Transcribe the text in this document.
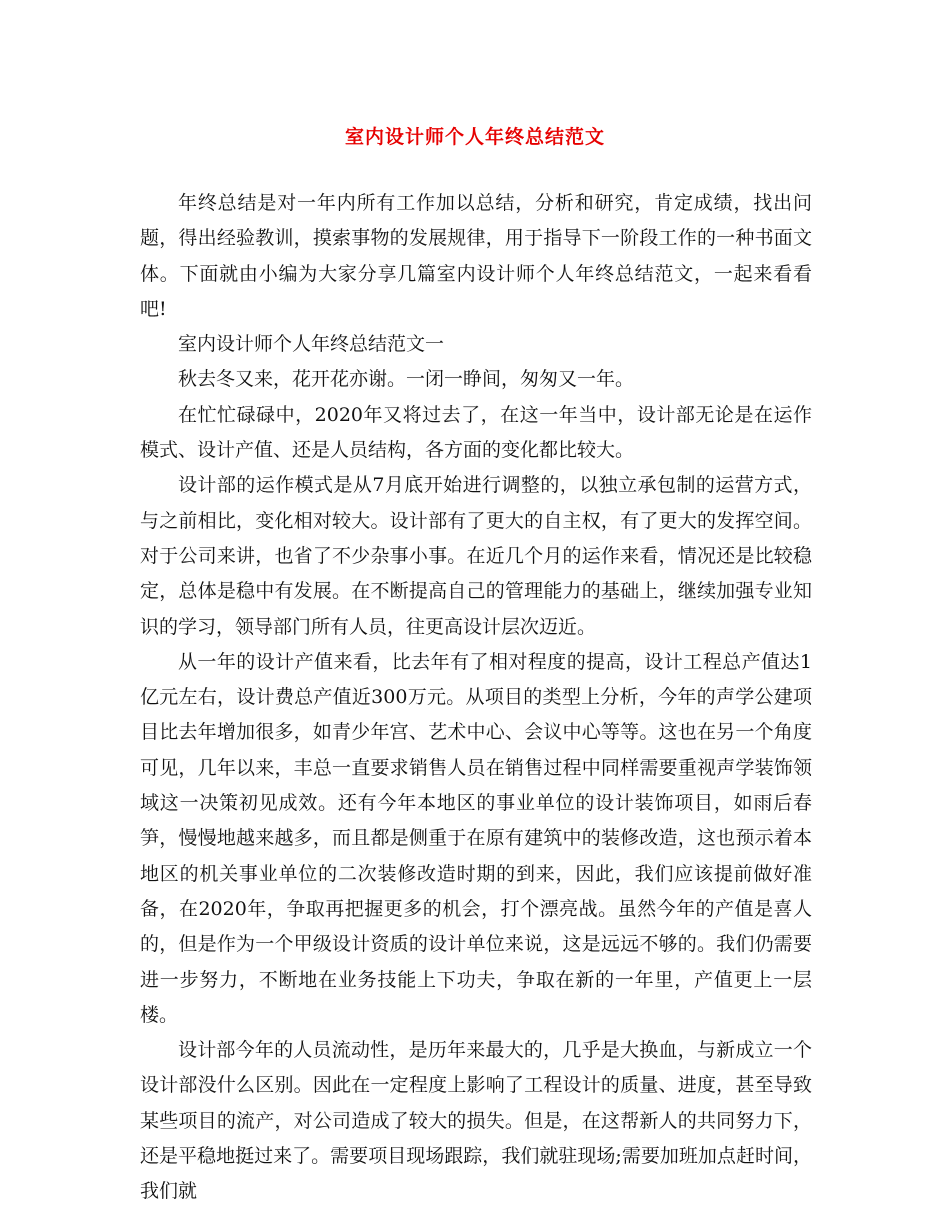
室内设计师个人年终总结范文

年终总结是对一年内所有工作加以总结，分析和研究，肯定成绩，找出问题，得出经验教训，摸索事物的发展规律，用于指导下一阶段工作的一种书面文体。下面就由小编为大家分享几篇室内设计师个人年终总结范文，一起来看看吧!

室内设计师个人年终总结范文一

秋去冬又来，花开花亦谢。一闭一睁间，匆匆又一年。

在忙忙碌碌中，2020年又将过去了，在这一年当中，设计部无论是在运作模式、设计产值、还是人员结构，各方面的变化都比较大。

设计部的运作模式是从7月底开始进行调整的，以独立承包制的运营方式，与之前相比，变化相对较大。设计部有了更大的自主权，有了更大的发挥空间。对于公司来讲，也省了不少杂事小事。在近几个月的运作来看，情况还是比较稳定，总体是稳中有发展。在不断提高自己的管理能力的基础上，继续加强专业知识的学习，领导部门所有人员，往更高设计层次迈近。

从一年的设计产值来看，比去年有了相对程度的提高，设计工程总产值达1亿元左右，设计费总产值近300万元。从项目的类型上分析，今年的声学公建项目比去年增加很多，如青少年宫、艺术中心、会议中心等等。这也在另一个角度可见，几年以来，丰总一直要求销售人员在销售过程中同样需要重视声学装饰领域这一决策初见成效。还有今年本地区的事业单位的设计装饰项目，如雨后春笋，慢慢地越来越多，而且都是侧重于在原有建筑中的装修改造，这也预示着本地区的机关事业单位的二次装修改造时期的到来，因此，我们应该提前做好准备，在2020年，争取再把握更多的机会，打个漂亮战。虽然今年的产值是喜人的，但是作为一个甲级设计资质的设计单位来说，这是远远不够的。我们仍需要进一步努力，不断地在业务技能上下功夫，争取在新的一年里，产值更上一层楼。

设计部今年的人员流动性，是历年来最大的，几乎是大换血，与新成立一个设计部没什么区别。因此在一定程度上影响了工程设计的质量、进度，甚至导致某些项目的流产，对公司造成了较大的损失。但是，在这帮新人的共同努力下，还是平稳地挺过来了。需要项目现场跟踪，我们就驻现场;需要加班加点赶时间，我们就
